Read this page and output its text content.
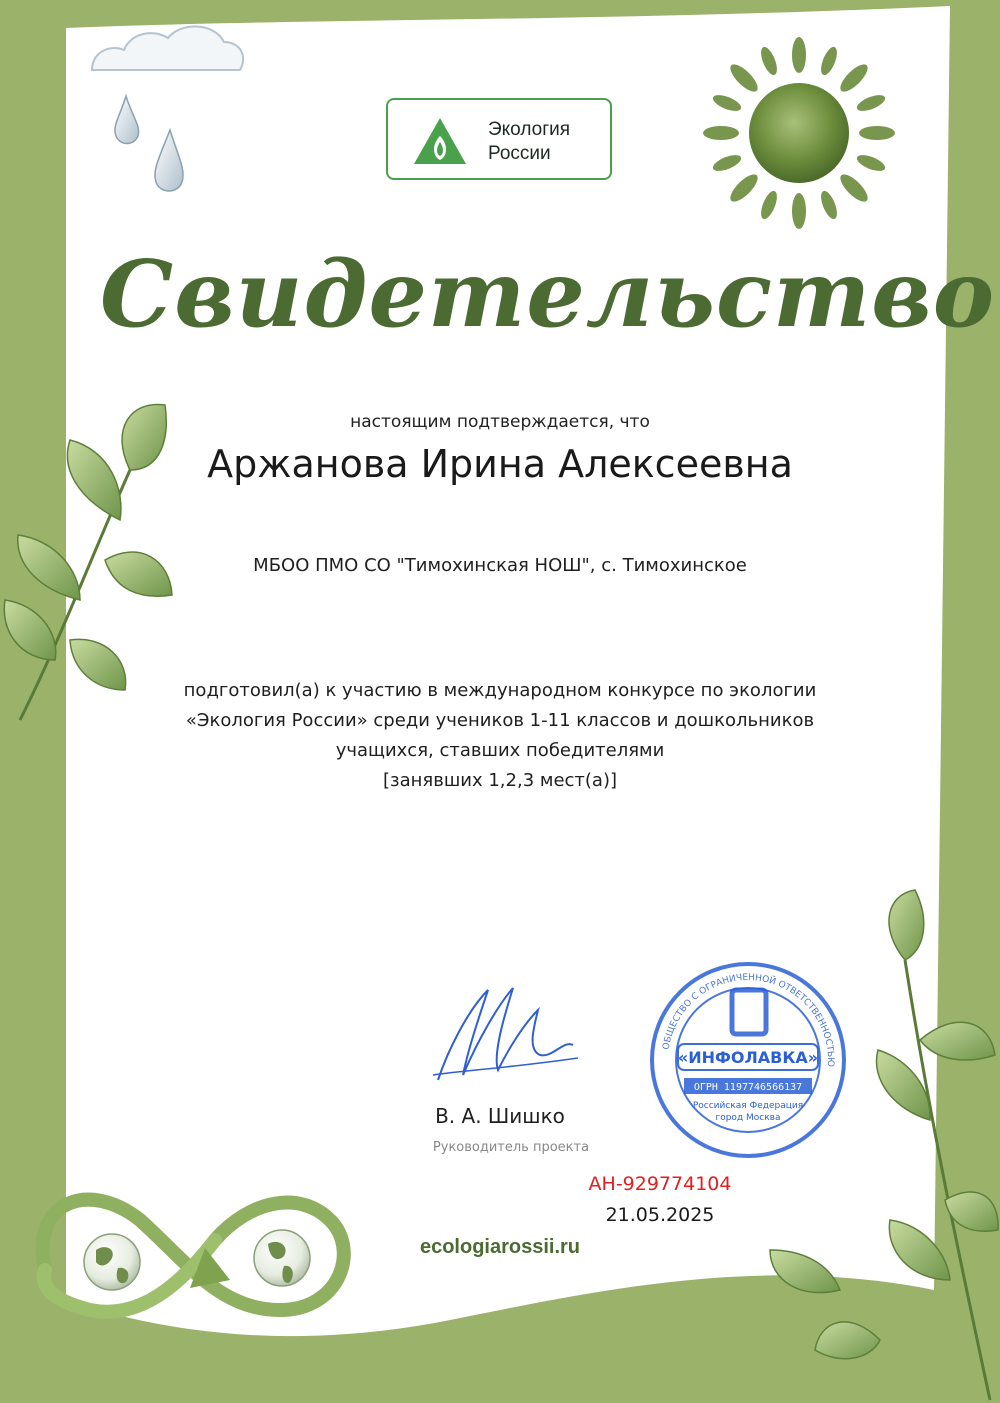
Экология
России
Свидетельство
настоящим подтверждается, что
Аржанова Ирина Алексеевна
МБОО ПМО СО "Тимохинская НОШ", с. Тимохинское
подготовил(а) к участию в международном конкурсе по экологии
«Экология России» среди учеников 1-11 классов и дошкольников
учащихся, ставших победителями
[занявших 1,2,3 мест(а)]
В. А. Шишко
Руководитель проекта
ОБЩЕСТВО С ОГРАНИЧЕННОЙ ОТВЕТСТВЕННОСТЬЮ
«ИНФОЛАВКА»
ОГРН 1197746566137
Российская Федерация
город Москва
АН-929774104
21.05.2025
ecologiarossii.ru
